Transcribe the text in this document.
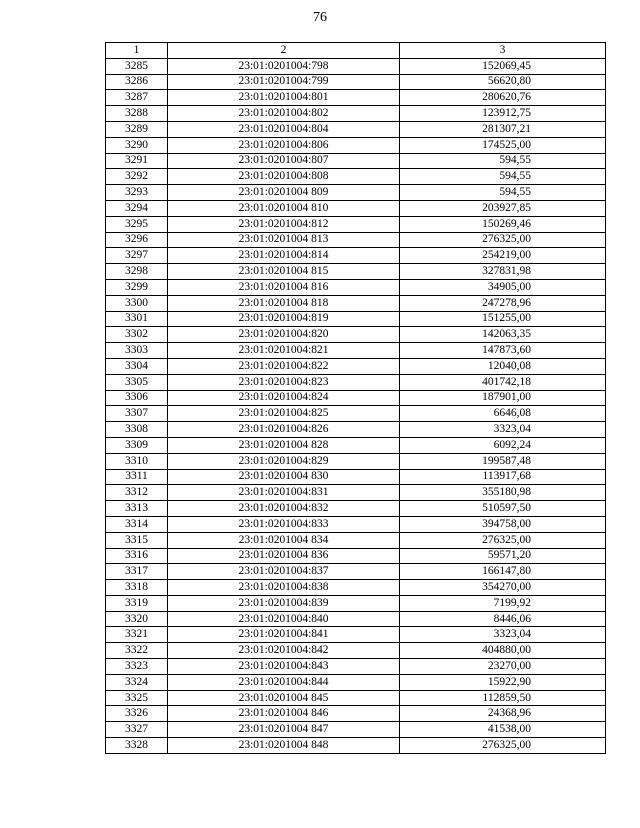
76
1	2	3
3285	23:01:0201004:798	152069,45
3286	23:01:0201004:799	56620,80
3287	23:01:0201004:801	280620,76
3288	23:01:0201004:802	123912,75
3289	23:01:0201004:804	281307,21
3290	23:01:0201004:806	174525,00
3291	23:01:0201004:807	594,55
3292	23:01:0201004:808	594,55
3293	23:01:0201004 809	594,55
3294	23:01:0201004 810	203927,85
3295	23:01:0201004:812	150269,46
3296	23:01:0201004 813	276325,00
3297	23:01:0201004:814	254219,00
3298	23:01:0201004 815	327831,98
3299	23:01:0201004 816	34905,00
3300	23:01:0201004 818	247278,96
3301	23:01:0201004:819	151255,00
3302	23:01:0201004:820	142063,35
3303	23:01:0201004:821	147873,60
3304	23:01:0201004:822	12040,08
3305	23:01:0201004:823	401742,18
3306	23:01:0201004:824	187901,00
3307	23:01:0201004:825	6646,08
3308	23:01:0201004:826	3323,04
3309	23:01:0201004 828	6092,24
3310	23:01:0201004:829	199587,48
3311	23:01:0201004 830	113917,68
3312	23:01:0201004:831	355180,98
3313	23:01:0201004:832	510597,50
3314	23:01:0201004:833	394758,00
3315	23:01:0201004 834	276325,00
3316	23:01:0201004 836	59571,20
3317	23:01:0201004:837	166147,80
3318	23:01:0201004:838	354270,00
3319	23:01:0201004:839	7199,92
3320	23:01:0201004:840	8446,06
3321	23:01:0201004:841	3323,04
3322	23:01:0201004:842	404880,00
3323	23:01:0201004:843	23270,00
3324	23:01:0201004:844	15922,90
3325	23:01:0201004 845	112859,50
3326	23:01:0201004 846	24368,96
3327	23:01:0201004 847	41538,00
3328	23:01:0201004 848	276325,00
